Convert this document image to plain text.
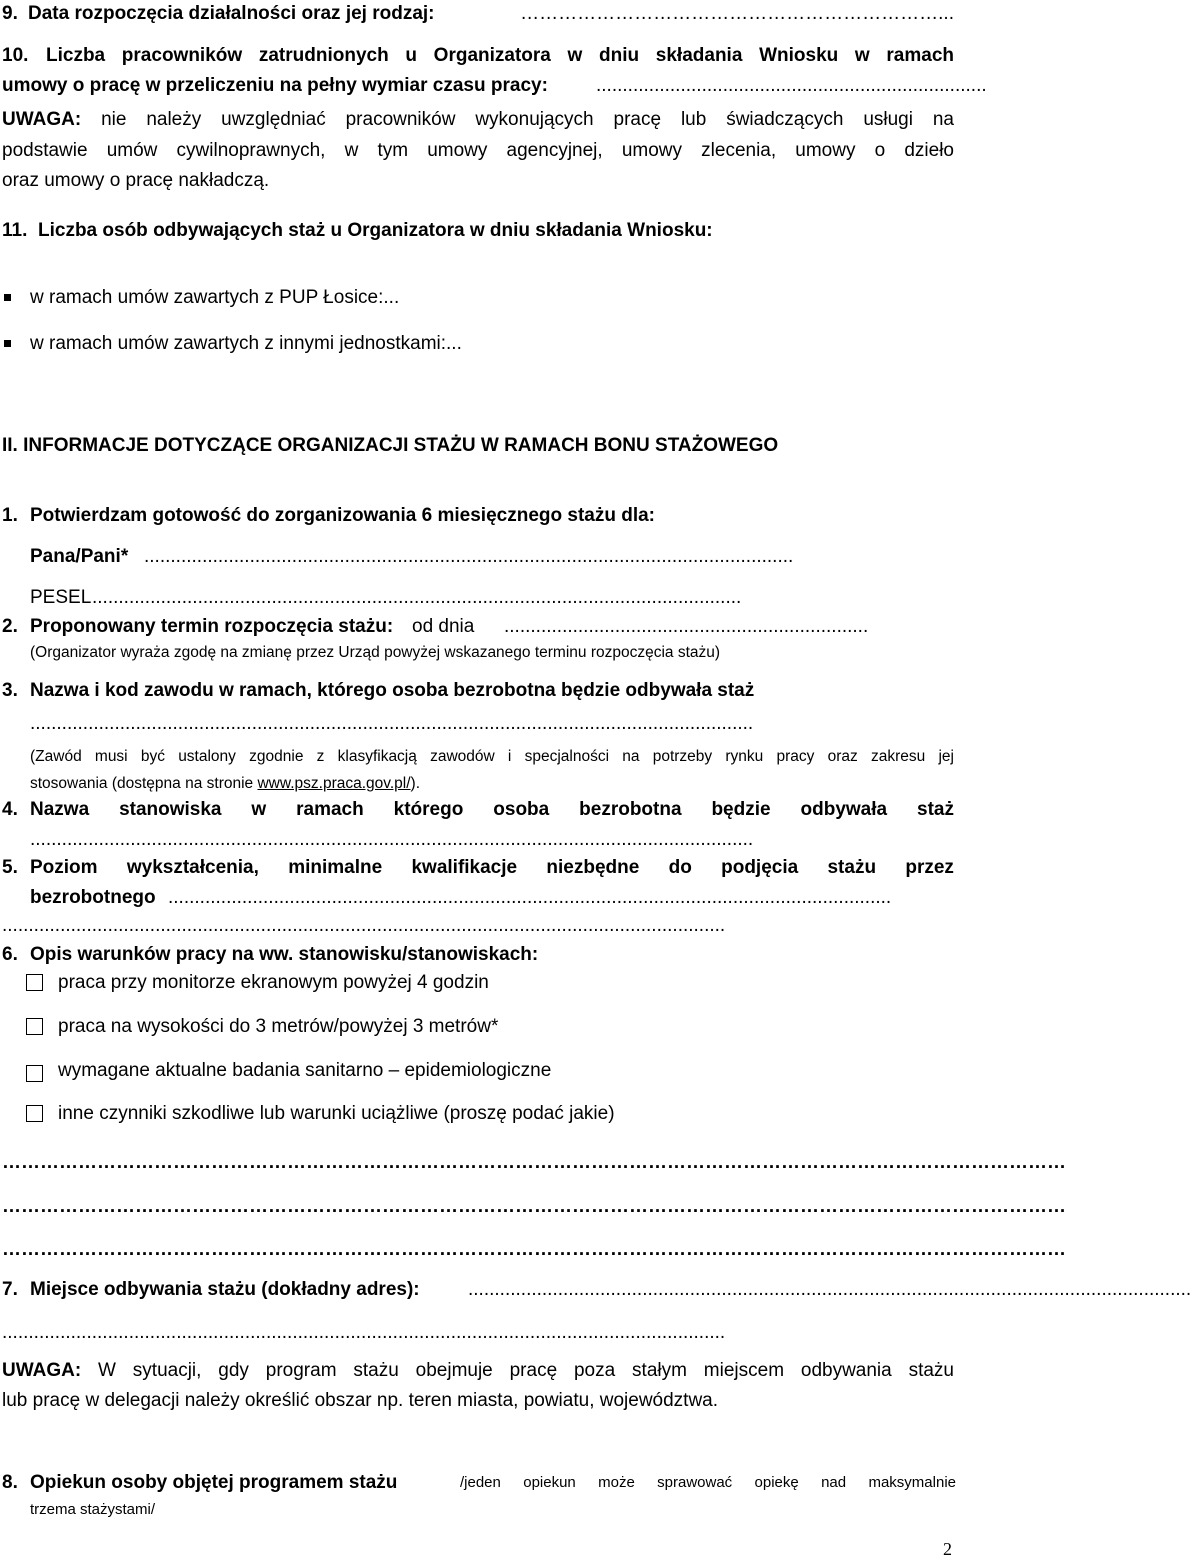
9. Data rozpoczęcia działalności oraz jej rodzaj:	…………………………………………………………...
10. Liczba pracowników zatrudnionych u Organizatora w dniu składania Wniosku w ramach
umowy o pracę w przeliczeniu na pełny wymiar czasu pracy:	..........................................................................
UWAGA: nie należy uwzględniać pracowników wykonujących pracę lub świadczących usługi na
podstawie umów cywilnoprawnych, w tym umowy agencyjnej, umowy zlecenia, umowy o dzieło
oraz umowy o pracę nakładczą.
11. Liczba osób odbywających staż u Organizatora w dniu składania Wniosku:
w ramach umów zawartych z PUP Łosice:...
w ramach umów zawartych z innymi jednostkami:...
II. INFORMACJE DOTYCZĄCE ORGANIZACJI STAŻU W RAMACH BONU STAŻOWEGO
1. Potwierdzam gotowość do zorganizowania 6 miesięcznego stażu dla:
Pana/Pani* ...........................................................................................................................
PESEL ...........................................................................................................................
2. Proponowany termin rozpoczęcia stażu: od dnia .....................................................................
(Organizator wyraża zgodę na zmianę przez Urząd powyżej wskazanego terminu rozpoczęcia stażu)
3. Nazwa i kod zawodu w ramach, którego osoba bezrobotna będzie odbywała staż
.........................................................................................................................................
(Zawód musi być ustalony zgodnie z klasyfikacją zawodów i specjalności na potrzeby rynku pracy oraz zakresu jej
stosowania (dostępna na stronie www.psz.praca.gov.pl/).
4. Nazwa stanowiska w ramach którego osoba bezrobotna będzie odbywała staż
.........................................................................................................................................
5. Poziom wykształcenia, minimalne kwalifikacje niezbędne do podjęcia stażu przez
bezrobotnego .........................................................................................................................................
.........................................................................................................................................
6. Opis warunków pracy na ww. stanowisku/stanowiskach:
praca przy monitorze ekranowym powyżej 4 godzin
praca na wysokości do 3 metrów/powyżej 3 metrów*
wymagane aktualne badania sanitarno – epidemiologiczne
inne czynniki szkodliwe lub warunki uciążliwe (proszę podać jakie)
……………………………………………………………………………………………………………………………………………………
……………………………………………………………………………………………………………………………………………………
……………………………………………………………………………………………………………………………………………………
7. Miejsce odbywania stażu (dokładny adres):	.........................................................................................................................................
.........................................................................................................................................
UWAGA: W sytuacji, gdy program stażu obejmuje pracę poza stałym miejscem odbywania stażu
lub pracę w delegacji należy określić obszar np. teren miasta, powiatu, województwa.
8. Opiekun osoby objętej programem stażu	/jeden opiekun może sprawować opiekę nad maksymalnie
trzema stażystami/
2
